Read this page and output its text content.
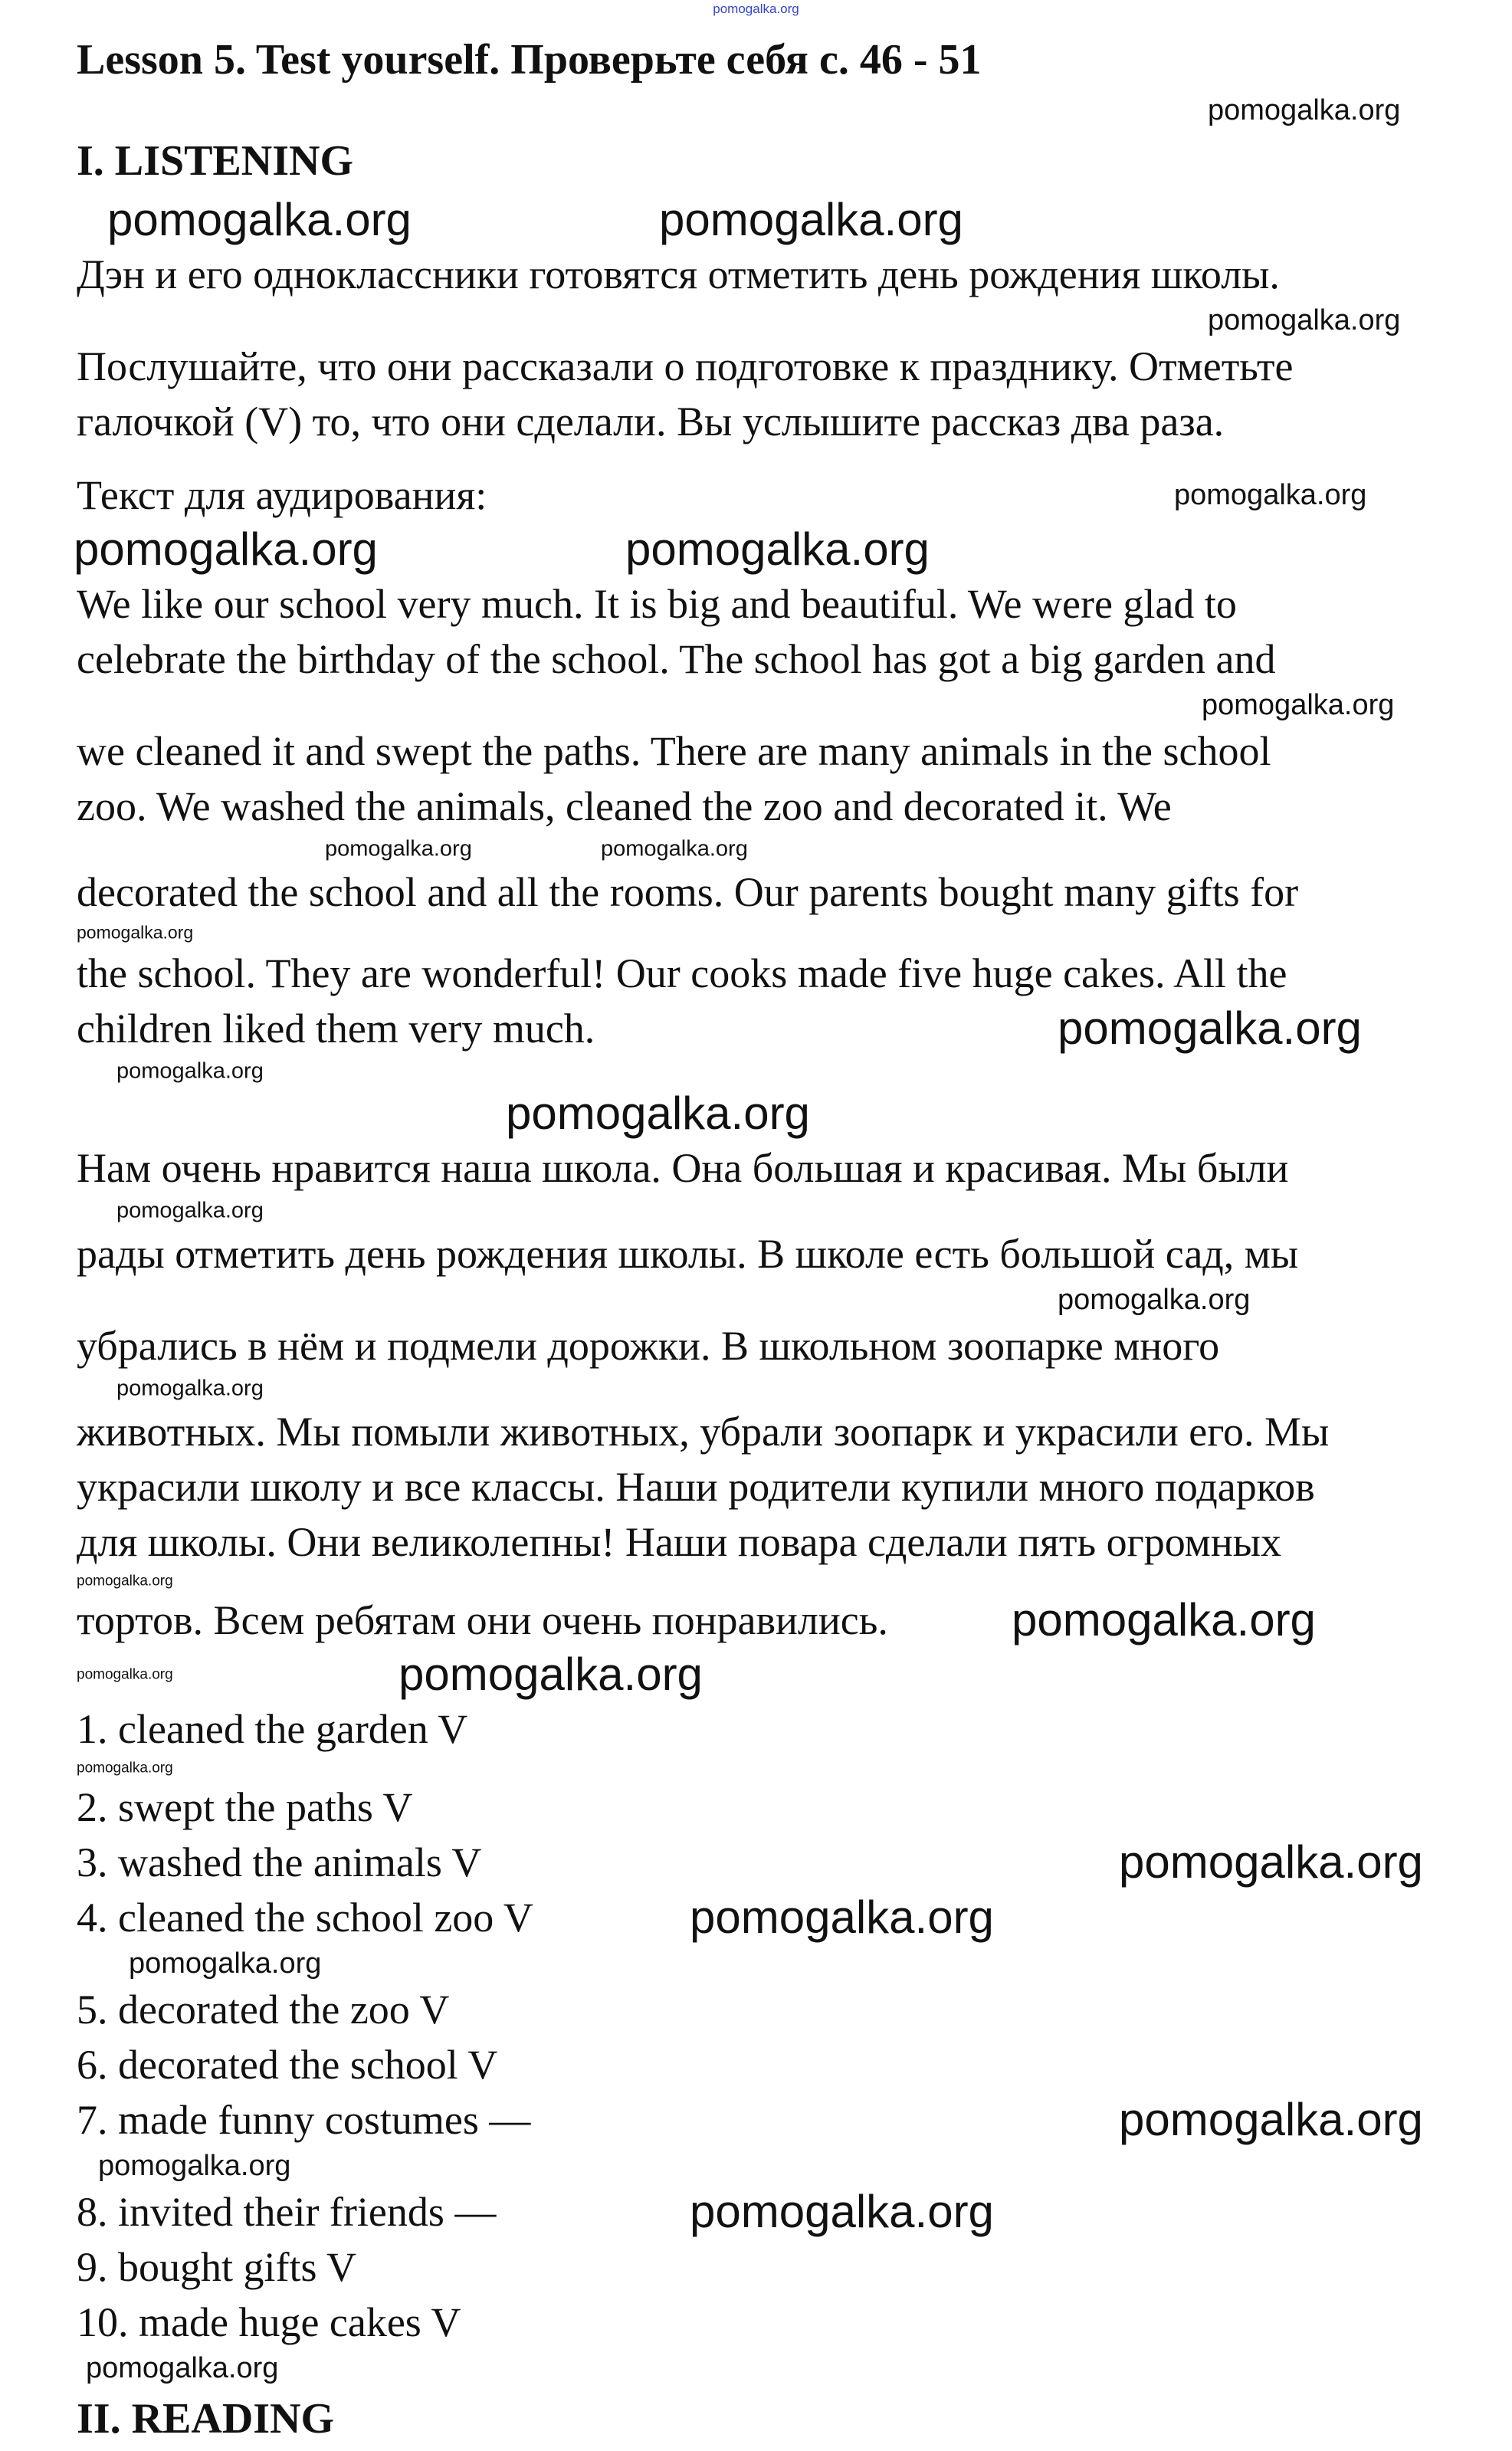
pomogalka.org
Lesson 5. Test yourself. Проверьте себя с. 46 - 51
pomogalka.org
I. LISTENING
pomogalka.org	pomogalka.org
Дэн и его одноклассники готовятся отметить день рождения школы.
pomogalka.org
Послушайте, что они рассказали о подготовке к празднику. Отметьте
галочкой (V) то, что они сделали. Вы услышите рассказ два раза.
Текст для аудирования:	pomogalka.org
pomogalka.org	pomogalka.org
We like our school very much. It is big and beautiful. We were glad to
celebrate the birthday of the school. The school has got a big garden and
pomogalka.org
we cleaned it and swept the paths. There are many animals in the school
zoo. We washed the animals, cleaned the zoo and decorated it. We
pomogalka.org	pomogalka.org
decorated the school and all the rooms. Our parents bought many gifts for
pomogalka.org
the school. They are wonderful! Our cooks made five huge cakes. All the
children liked them very much.	pomogalka.org
pomogalka.org
pomogalka.org
Нам очень нравится наша школа. Она большая и красивая. Мы были
pomogalka.org
рады отметить день рождения школы. В школе есть большой сад, мы
pomogalka.org
убрались в нём и подмели дорожки. В школьном зоопарке много
pomogalka.org
животных. Мы помыли животных, убрали зоопарк и украсили его. Мы
украсили школу и все классы. Наши родители купили много подарков
для школы. Они великолепны! Наши повара сделали пять огромных
pomogalka.org
тортов. Всем ребятам они очень понравились.	pomogalka.org
pomogalka.org	pomogalka.org
1. cleaned the garden V
pomogalka.org
2. swept the paths V
3. washed the animals V	pomogalka.org
4. cleaned the school zoo V	pomogalka.org
pomogalka.org
5. decorated the zoo V
6. decorated the school V
7. made funny costumes —	pomogalka.org
pomogalka.org
8. invited their friends —	pomogalka.org
9. bought gifts V
10. made huge cakes V
pomogalka.org
II. READING
